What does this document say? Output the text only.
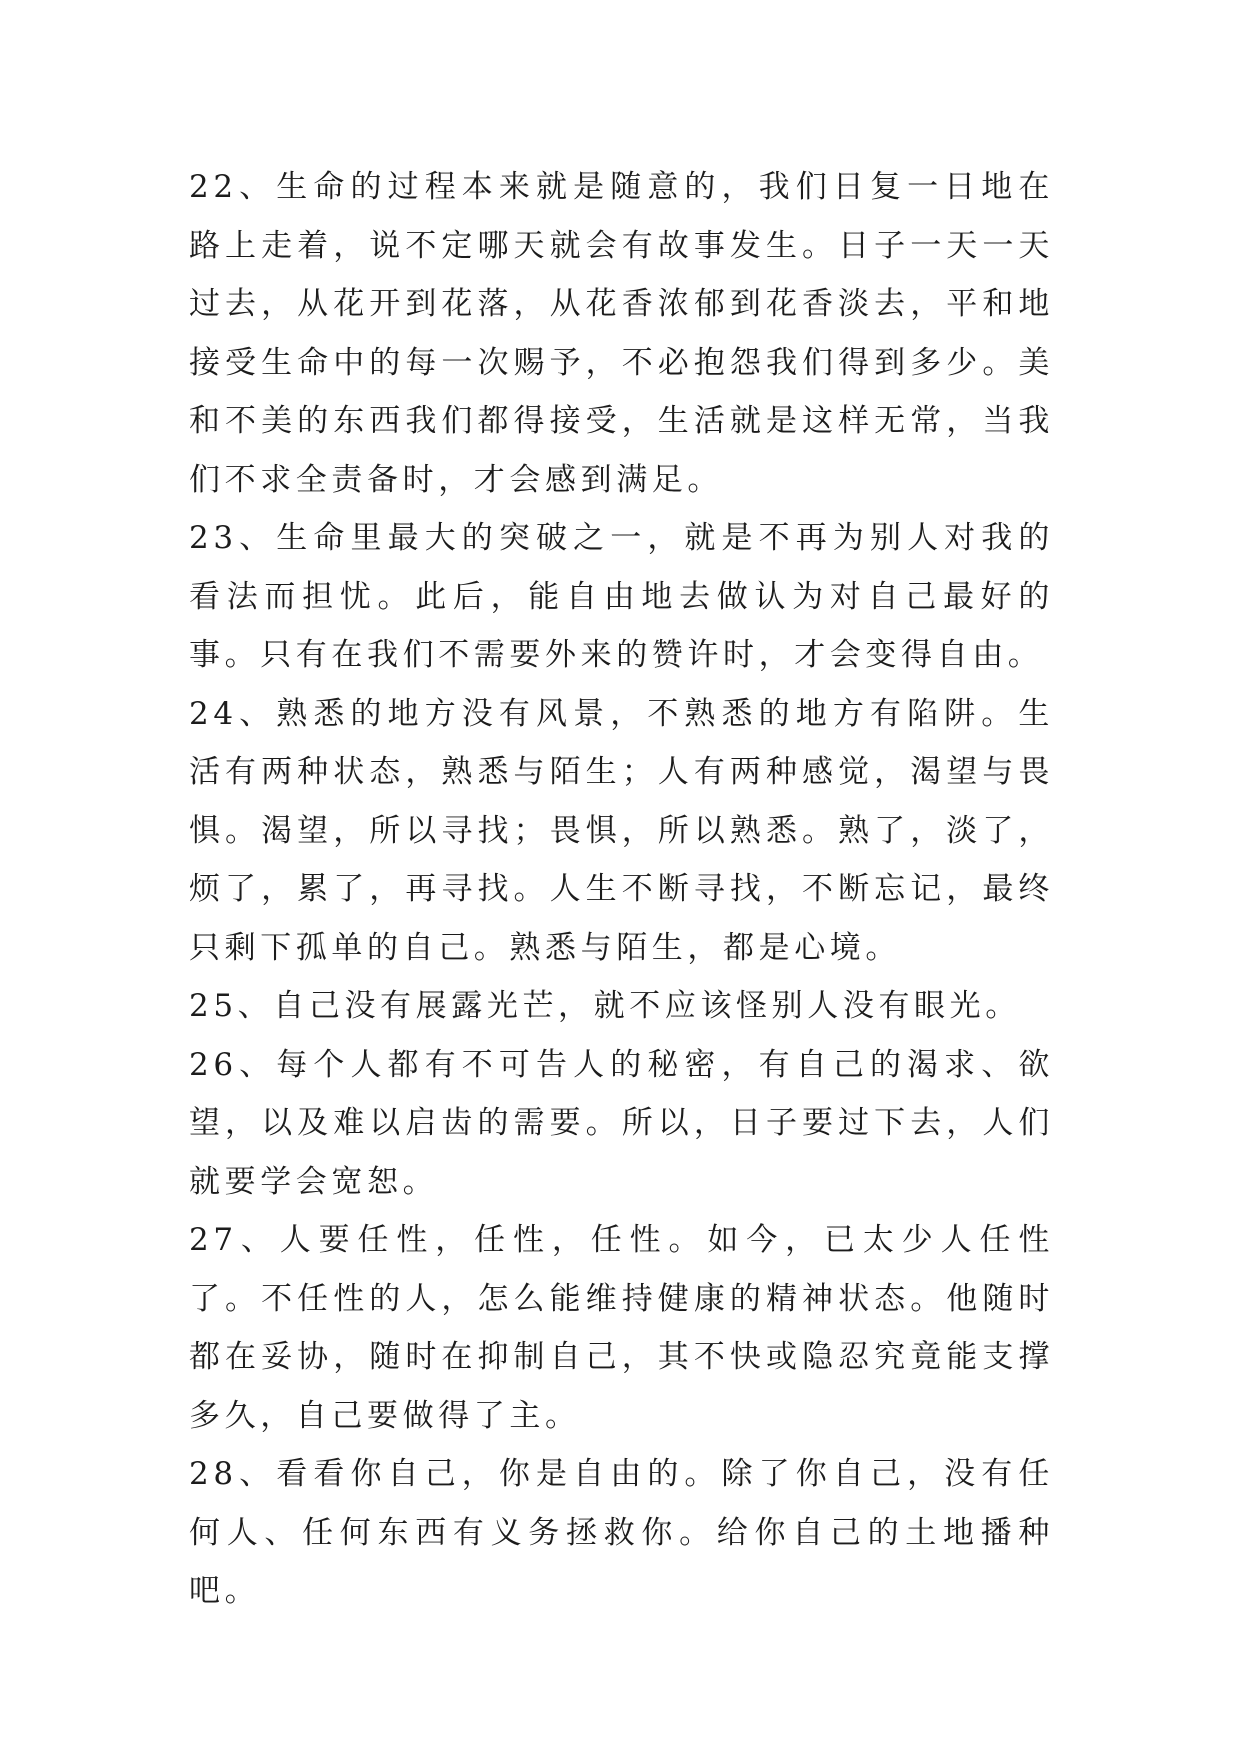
22、生命的过程本来就是随意的，我们日复一日地在路上走着，说不定哪天就会有故事发生。日子一天一天过去，从花开到花落，从花香浓郁到花香淡去，平和地接受生命中的每一次赐予，不必抱怨我们得到多少。美和不美的东西我们都得接受，生活就是这样无常，当我们不求全责备时，才会感到满足。

23、生命里最大的突破之一，就是不再为别人对我的看法而担忧。此后，能自由地去做认为对自己最好的事。只有在我们不需要外来的赞许时，才会变得自由。

24、熟悉的地方没有风景，不熟悉的地方有陷阱。生活有两种状态，熟悉与陌生；人有两种感觉，渴望与畏惧。渴望，所以寻找；畏惧，所以熟悉。熟了，淡了，烦了，累了，再寻找。人生不断寻找，不断忘记，最终只剩下孤单的自己。熟悉与陌生，都是心境。

25、自己没有展露光芒，就不应该怪别人没有眼光。

26、每个人都有不可告人的秘密，有自己的渴求、欲望，以及难以启齿的需要。所以，日子要过下去，人们就要学会宽恕。

27、人要任性，任性，任性。如今，已太少人任性了。不任性的人，怎么能维持健康的精神状态。他随时都在妥协，随时在抑制自己，其不快或隐忍究竟能支撑多久，自己要做得了主。

28、看看你自己，你是自由的。除了你自己，没有任何人、任何东西有义务拯救你。给你自己的土地播种吧。
